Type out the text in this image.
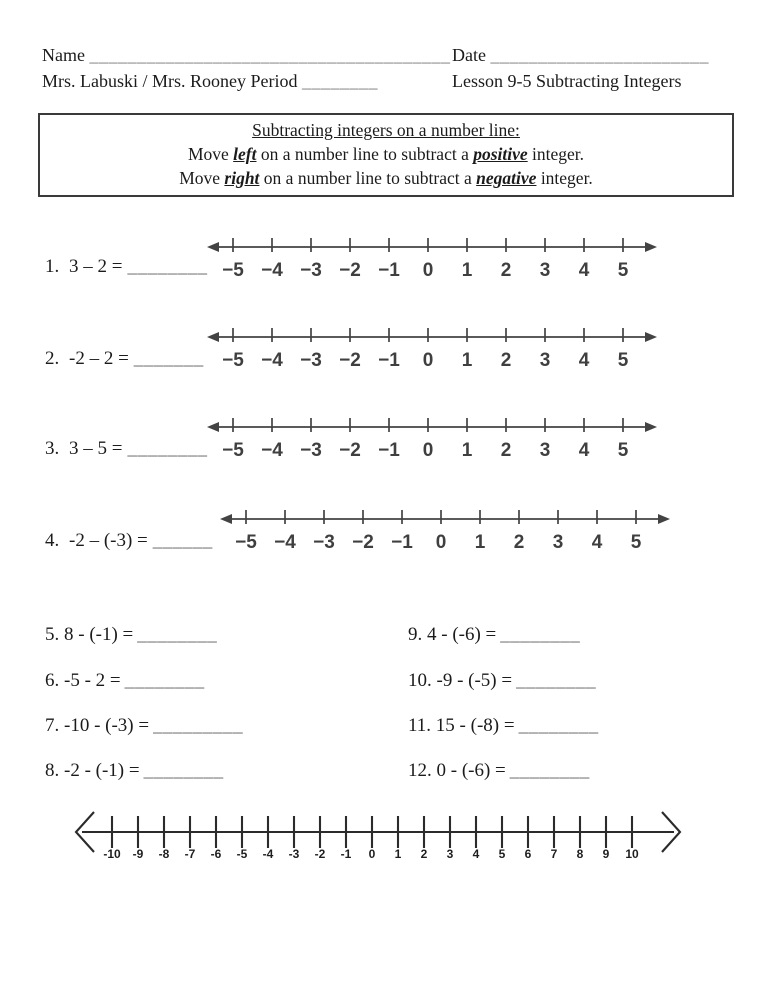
Name ______________________________________ Date _______________________
Mrs. Labuski / Mrs. Rooney Period ________	Lesson 9-5 Subtracting Integers
Subtracting integers on a number line:
Move left on a number line to subtract a positive integer.
Move right on a number line to subtract a negative integer.
1. 3 – 2 = ________ −5 −4 −3 −2 −1 0 1 2 3 4 5
2. -2 – 2 = _______ −5 −4 −3 −2 −1 0 1 2 3 4 5
3. 3 – 5 = ________ −5 −4 −3 −2 −1 0 1 2 3 4 5
4. -2 – (-3) = ______ −5 −4 −3 −2 −1 0 1 2 3 4 5
5. 8 - (-1) = ________
6. -5 - 2 = ________
7. -10 - (-3) = _________
8. -2 - (-1) = ________
9. 4 - (-6) = ________
10. -9 - (-5) = ________
11. 15 - (-8) = ________
12. 0 - (-6) = ________
-10 -9 -8 -7 -6 -5 -4 -3 -2 -1 0 1 2 3 4 5 6 7 8 9 10
